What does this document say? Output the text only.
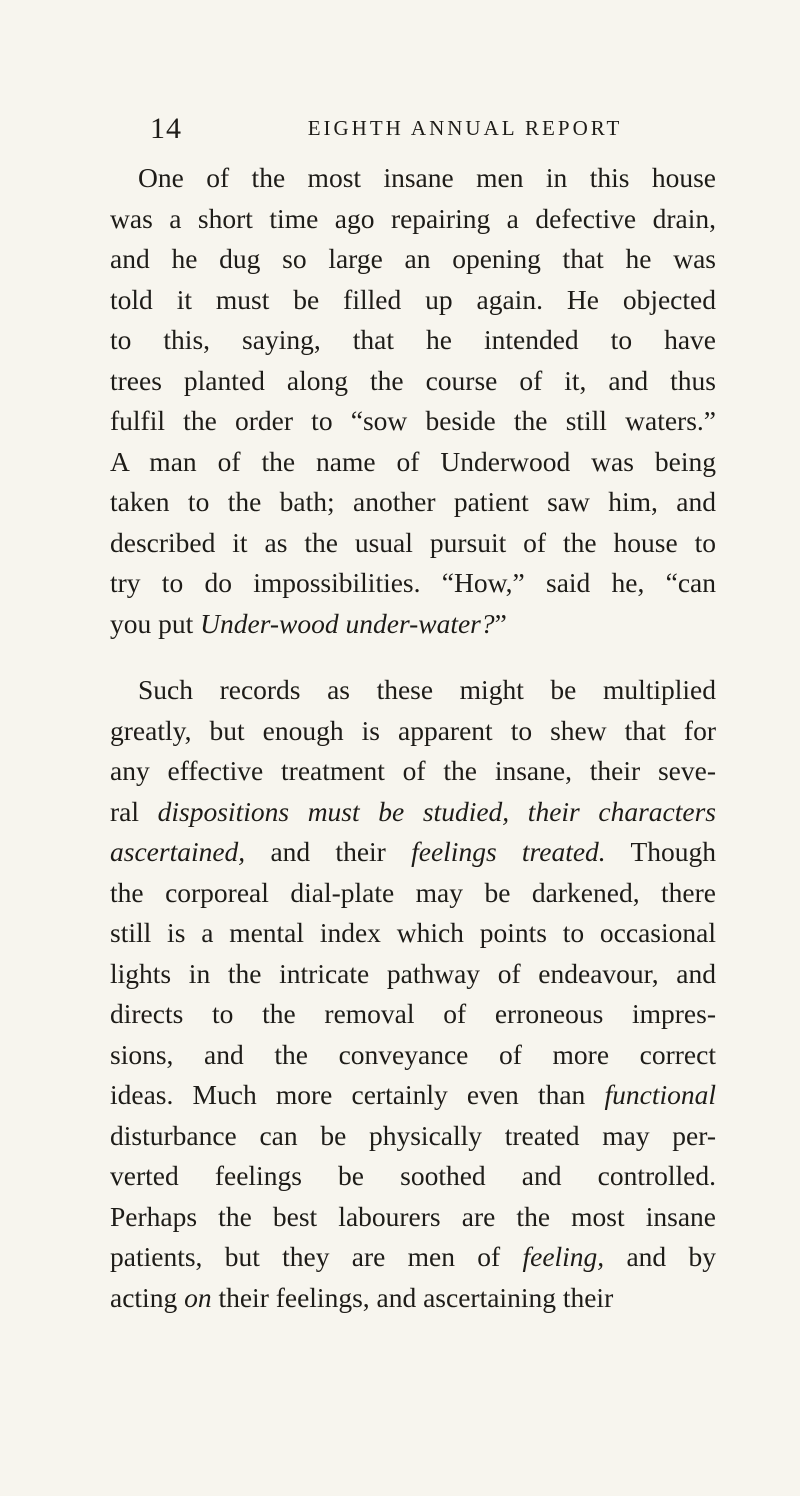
14	EIGHTH ANNUAL REPORT
One of the most insane men in this house
was a short time ago repairing a defective drain,
and he dug so large an opening that he was
told it must be filled up again. He objected
to this, saying, that he intended to have
trees planted along the course of it, and thus
fulfil the order to “sow beside the still waters.”
A man of the name of Underwood was being
taken to the bath; another patient saw him, and
described it as the usual pursuit of the house to
try to do impossibilities. “How,” said he, “can
you put Under-wood under-water?”
Such records as these might be multiplied
greatly, but enough is apparent to shew that for
any effective treatment of the insane, their seve-
ral dispositions must be studied, their characters
ascertained, and their feelings treated. Though
the corporeal dial-plate may be darkened, there
still is a mental index which points to occasional
lights in the intricate pathway of endeavour, and
directs to the removal of erroneous impres-
sions, and the conveyance of more correct
ideas. Much more certainly even than functional
disturbance can be physically treated may per-
verted feelings be soothed and controlled.
Perhaps the best labourers are the most insane
patients, but they are men of feeling, and by
acting on their feelings, and ascertaining their
